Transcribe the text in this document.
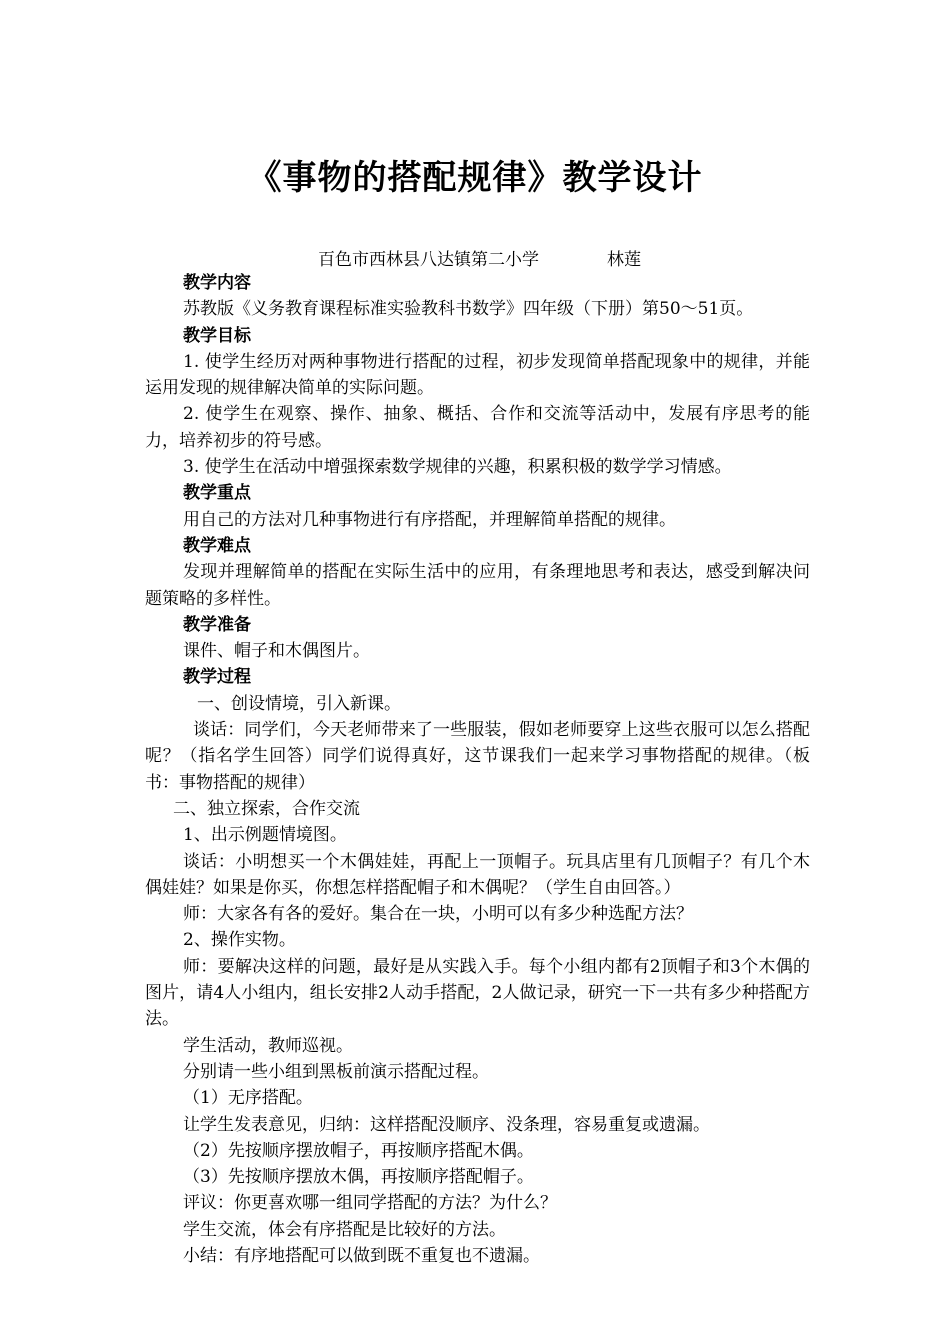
《事物的搭配规律》教学设计
百色市西林县八达镇第二小学	林莲

教学内容

苏教版《义务教育课程标准实验教科书数学》四年级（下册）第50～51页。

教学目标

1. 使学生经历对两种事物进行搭配的过程，初步发现简单搭配现象中的规律，并能运用发现的规律解决简单的实际问题。

2. 使学生在观察、操作、抽象、概括、合作和交流等活动中，发展有序思考的能力，培养初步的符号感。

3. 使学生在活动中增强探索数学规律的兴趣，积累积极的数学学习情感。

教学重点

用自己的方法对几种事物进行有序搭配，并理解简单搭配的规律。

教学难点

发现并理解简单的搭配在实际生活中的应用，有条理地思考和表达，感受到解决问题策略的多样性。

教学准备

课件、帽子和木偶图片。

教学过程

一、创设情境，引入新课。

谈话：同学们，今天老师带来了一些服装，假如老师要穿上这些衣服可以怎么搭配呢？（指名学生回答）同学们说得真好，这节课我们一起来学习事物搭配的规律。（板书：事物搭配的规律）

二、独立探索，合作交流

1、出示例题情境图。

谈话：小明想买一个木偶娃娃，再配上一顶帽子。玩具店里有几顶帽子？有几个木偶娃娃？如果是你买，你想怎样搭配帽子和木偶呢？（学生自由回答。）

师：大家各有各的爱好。集合在一块，小明可以有多少种选配方法？

2、操作实物。

师：要解决这样的问题，最好是从实践入手。每个小组内都有2顶帽子和3个木偶的图片，请4人小组内，组长安排2人动手搭配，2人做记录，研究一下一共有多少种搭配方法。

学生活动，教师巡视。

分别请一些小组到黑板前演示搭配过程。

（1）无序搭配。

让学生发表意见，归纳：这样搭配没顺序、没条理，容易重复或遗漏。

（2）先按顺序摆放帽子，再按顺序搭配木偶。

（3）先按顺序摆放木偶，再按顺序搭配帽子。

评议：你更喜欢哪一组同学搭配的方法？为什么？

学生交流，体会有序搭配是比较好的方法。

小结：有序地搭配可以做到既不重复也不遗漏。
